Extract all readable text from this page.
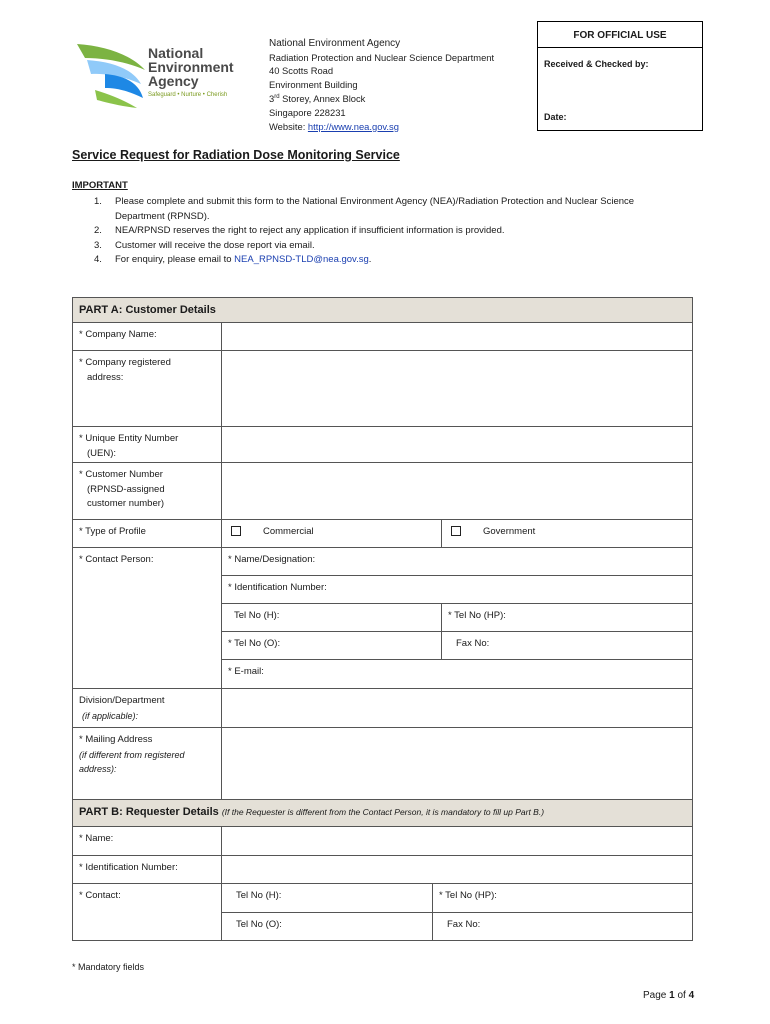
National
Environment
Agency
Safeguard • Nurture • Cherish
National Environment Agency
Radiation Protection and Nuclear Science Department
40 Scotts Road
Environment Building
3rd Storey, Annex Block
Singapore 228231
Website: http://www.nea.gov.sg
FOR OFFICIAL USE
Received & Checked by:
Date:
Service Request for Radiation Dose Monitoring Service
IMPORTANT
1. Please complete and submit this form to the National Environment Agency (NEA)/Radiation Protection and Nuclear Science Department (RPNSD).
2. NEA/RPNSD reserves the right to reject any application if insufficient information is provided.
3. Customer will receive the dose report via email.
4. For enquiry, please email to NEA_RPNSD-TLD@nea.gov.sg.
PART A: Customer Details
* Company Name:
* Company registered
address:
* Unique Entity Number
(UEN):
* Customer Number
(RPNSD-assigned
customer number)
* Type of Profile	Commercial	Government
* Contact Person:	* Name/Designation:
* Identification Number:
Tel No (H):	* Tel No (HP):
* Tel No (O):	Fax No:
* E-mail:
Division/Department
(if applicable):
* Mailing Address
(if different from registered
address):
PART B: Requester Details (If the Requester is different from the Contact Person, it is mandatory to fill up Part B.)
* Name:
* Identification Number:
* Contact:	Tel No (H):	* Tel No (HP):
Tel No (O):	Fax No:
* Mandatory fields
Page 1 of 4
